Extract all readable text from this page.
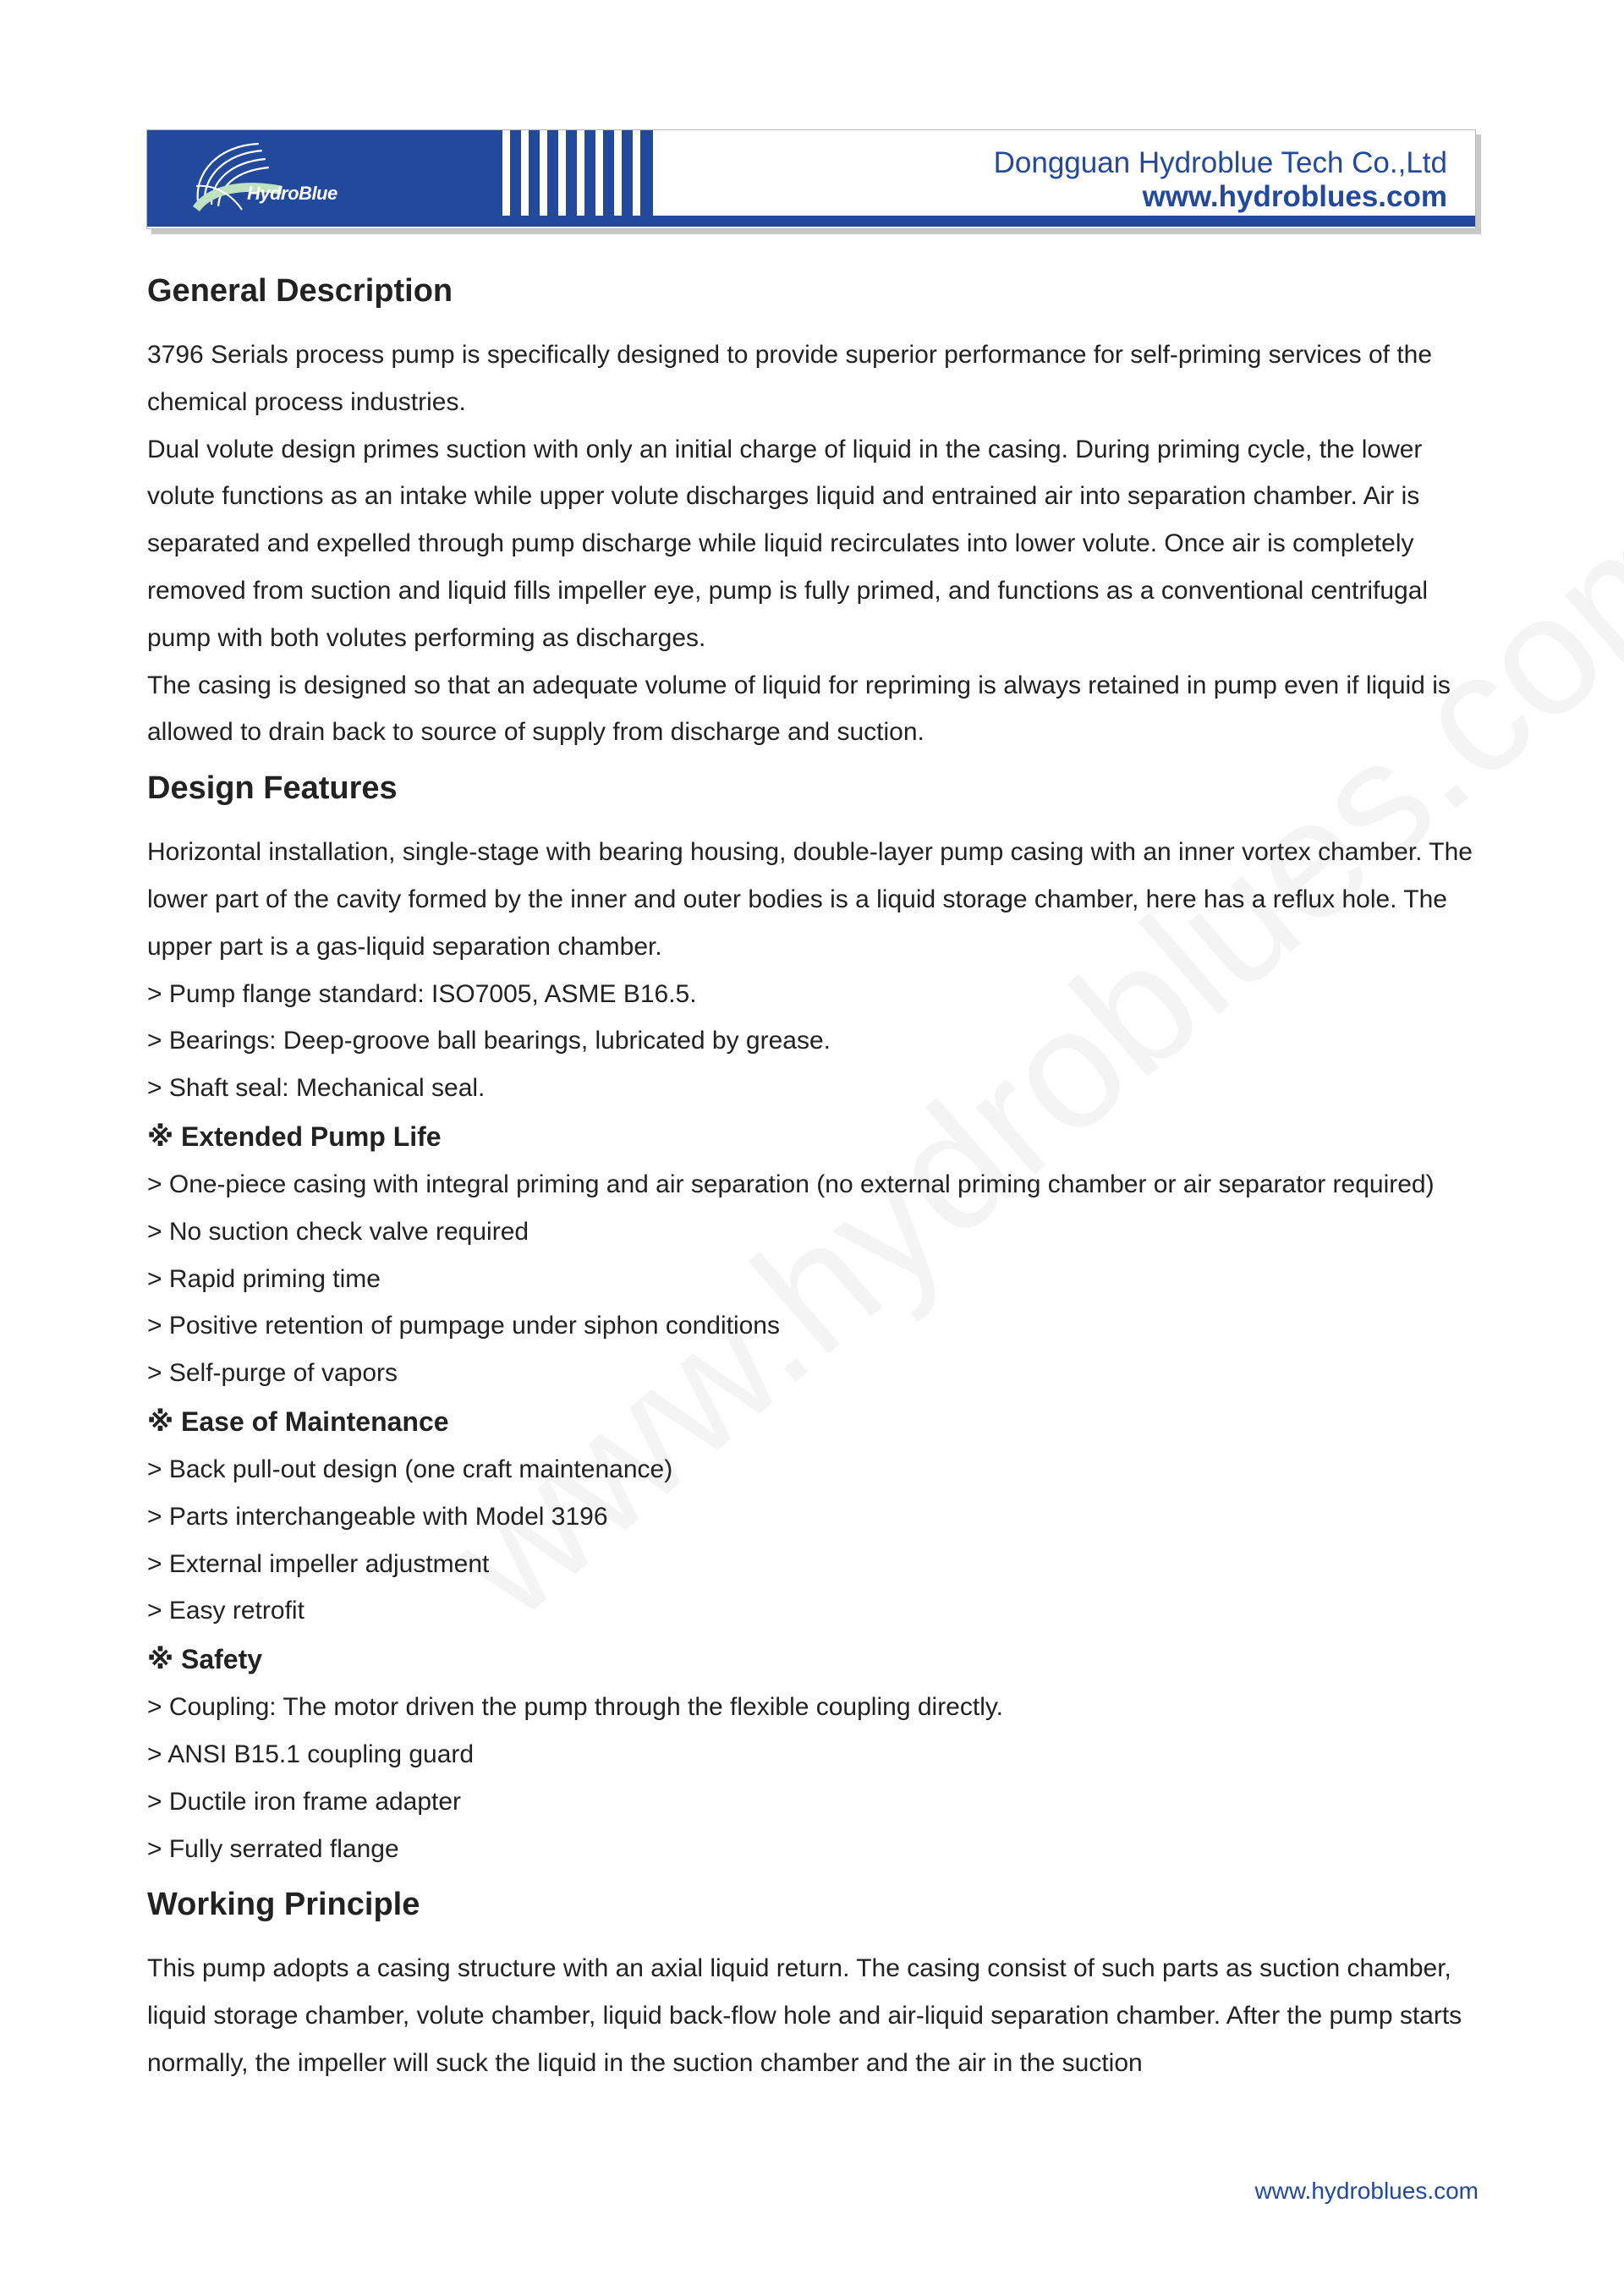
HydroBlue
Dongguan Hydroblue Tech Co.,Ltd
www.hydroblues.com
General Description

3796 Serials process pump is specifically designed to provide superior performance for self-priming services of the chemical process industries.

Dual volute design primes suction with only an initial charge of liquid in the casing. During priming cycle, the lower volute functions as an intake while upper volute discharges liquid and entrained air into separation chamber. Air is separated and expelled through pump discharge while liquid recirculates into lower volute. Once air is completely removed from suction and liquid fills impeller eye, pump is fully primed, and functions as a conventional centrifugal pump with both volutes performing as discharges.

The casing is designed so that an adequate volume of liquid for repriming is always retained in pump even if liquid is allowed to drain back to source of supply from discharge and suction.

Design Features

Horizontal installation, single-stage with bearing housing, double-layer pump casing with an inner vortex chamber. The lower part of the cavity formed by the inner and outer bodies is a liquid storage chamber, here has a reflux hole. The upper part is a gas-liquid separation chamber.

> Pump flange standard: ISO7005, ASME B16.5.
> Bearings: Deep-groove ball bearings, lubricated by grease.
> Shaft seal: Mechanical seal.
※ Extended Pump Life
> One-piece casing with integral priming and air separation (no external priming chamber or air separator required)
> No suction check valve required
> Rapid priming time
> Positive retention of pumpage under siphon conditions
> Self-purge of vapors
※ Ease of Maintenance
> Back pull-out design (one craft maintenance)
> Parts interchangeable with Model 3196
> External impeller adjustment
> Easy retrofit
※ Safety
> Coupling: The motor driven the pump through the flexible coupling directly.
> ANSI B15.1 coupling guard
> Ductile iron frame adapter
> Fully serrated flange
Working Principle

This pump adopts a casing structure with an axial liquid return. The casing consist of such parts as suction chamber, liquid storage chamber, volute chamber, liquid back-flow hole and air-liquid separation chamber. After the pump starts normally, the impeller will suck the liquid in the suction chamber and the air in the suction

www.hydroblues.com
